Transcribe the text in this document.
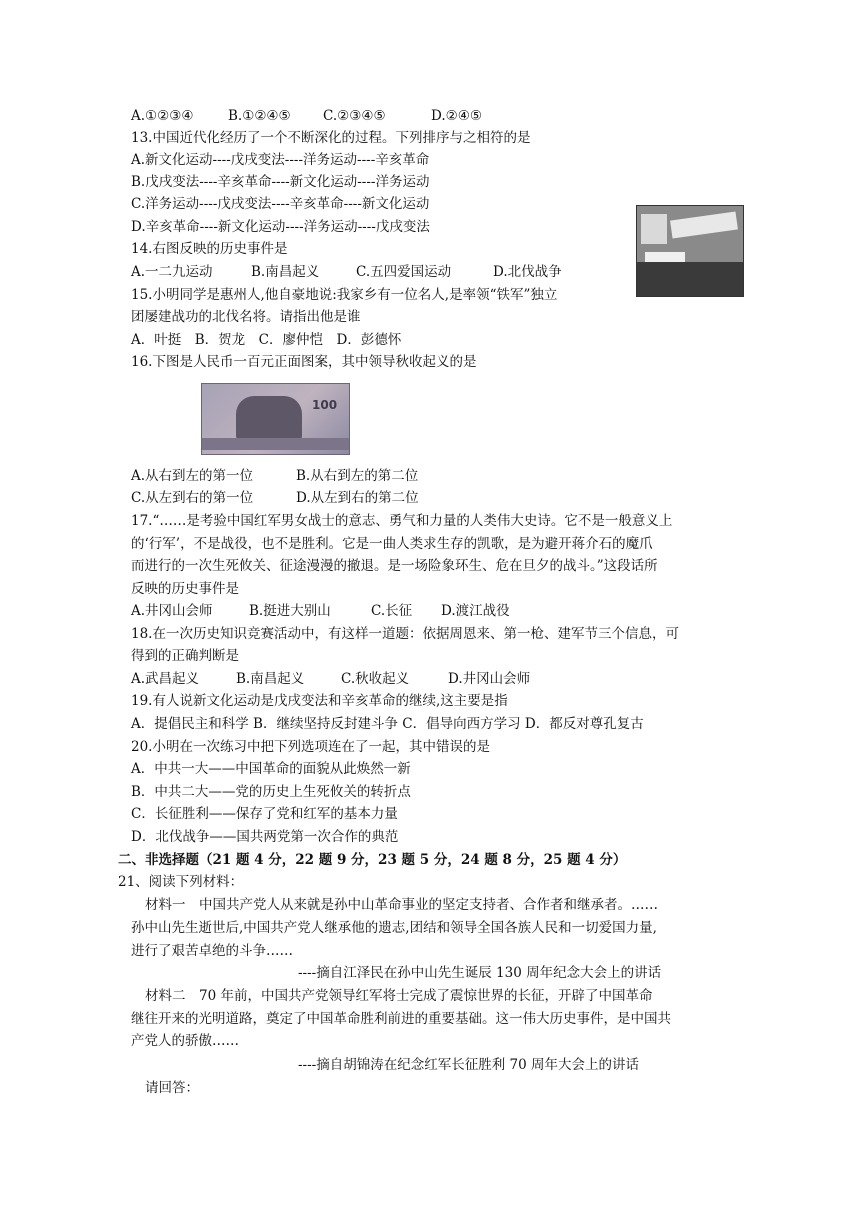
A.①②③④	B.①②④⑤ C.②③④⑤	D.②④⑤
13.中国近代化经历了一个不断深化的过程。下列排序与之相符的是
A.新文化运动----戊戌变法----洋务运动----辛亥革命
B.戊戌变法----辛亥革命----新文化运动----洋务运动
C.洋务运动----戊戌变法----辛亥革命----新文化运动
D.辛亥革命----新文化运动----洋务运动----戊戌变法
14.右图反映的历史事件是
A.一二九运动	B.南昌起义	C.五四爱国运动	D.北伐战争
15.小明同学是惠州人,他自豪地说:我家乡有一位名人,是率领“铁军”独立
团屡建战功的北伐名将。请指出他是谁
A．叶挺　B．贺龙　C．廖仲恺　D．彭德怀
16.下图是人民币一百元正面图案，其中领导秋收起义的是
100
A.从右到左的第一位	B.从右到左的第二位
C.从左到右的第一位	D.从左到右的第二位
17.“……是考验中国红军男女战士的意志、勇气和力量的人类伟大史诗。它不是一般意义上
的‘行军’，不是战役，也不是胜利。它是一曲人类求生存的凯歌，是为避开蒋介石的魔爪
而进行的一次生死攸关、征途漫漫的撤退。是一场险象环生、危在旦夕的战斗。”这段话所
反映的历史事件是
A.井冈山会师	B.挺进大别山	C.长征 D.渡江战役
18.在一次历史知识竞赛活动中，有这样一道题：依据周恩来、第一枪、建军节三个信息，可
得到的正确判断是
A.武昌起义	B.南昌起义	C.秋收起义	D.井冈山会师
19.有人说新文化运动是戊戌变法和辛亥革命的继续,这主要是指
A．提倡民主和科学 B．继续坚持反封建斗争 C．倡导向西方学习 D．都反对尊孔复古
20.小明在一次练习中把下列选项连在了一起，其中错误的是
A．中共一大——中国革命的面貌从此焕然一新
B．中共二大——党的历史上生死攸关的转折点
C．长征胜利——保存了党和红军的基本力量
D．北伐战争——国共两党第一次合作的典范
二、非选择题（21 题 4 分，22 题 9 分，23 题 5 分，24 题 8 分，25 题 4 分）
21、阅读下列材料：
材料一　中国共产党人从来就是孙中山革命事业的坚定支持者、合作者和继承者。……
孙中山先生逝世后,中国共产党人继承他的遗志,团结和领导全国各族人民和一切爱国力量,
进行了艰苦卓绝的斗争……
----摘自江泽民在孙中山先生诞辰 130 周年纪念大会上的讲话
材料二　70 年前，中国共产党领导红军将士完成了震惊世界的长征，开辟了中国革命
继往开来的光明道路，奠定了中国革命胜利前进的重要基础。这一伟大历史事件，是中国共
产党人的骄傲……
----摘自胡锦涛在纪念红军长征胜利 70 周年大会上的讲话
请回答：
